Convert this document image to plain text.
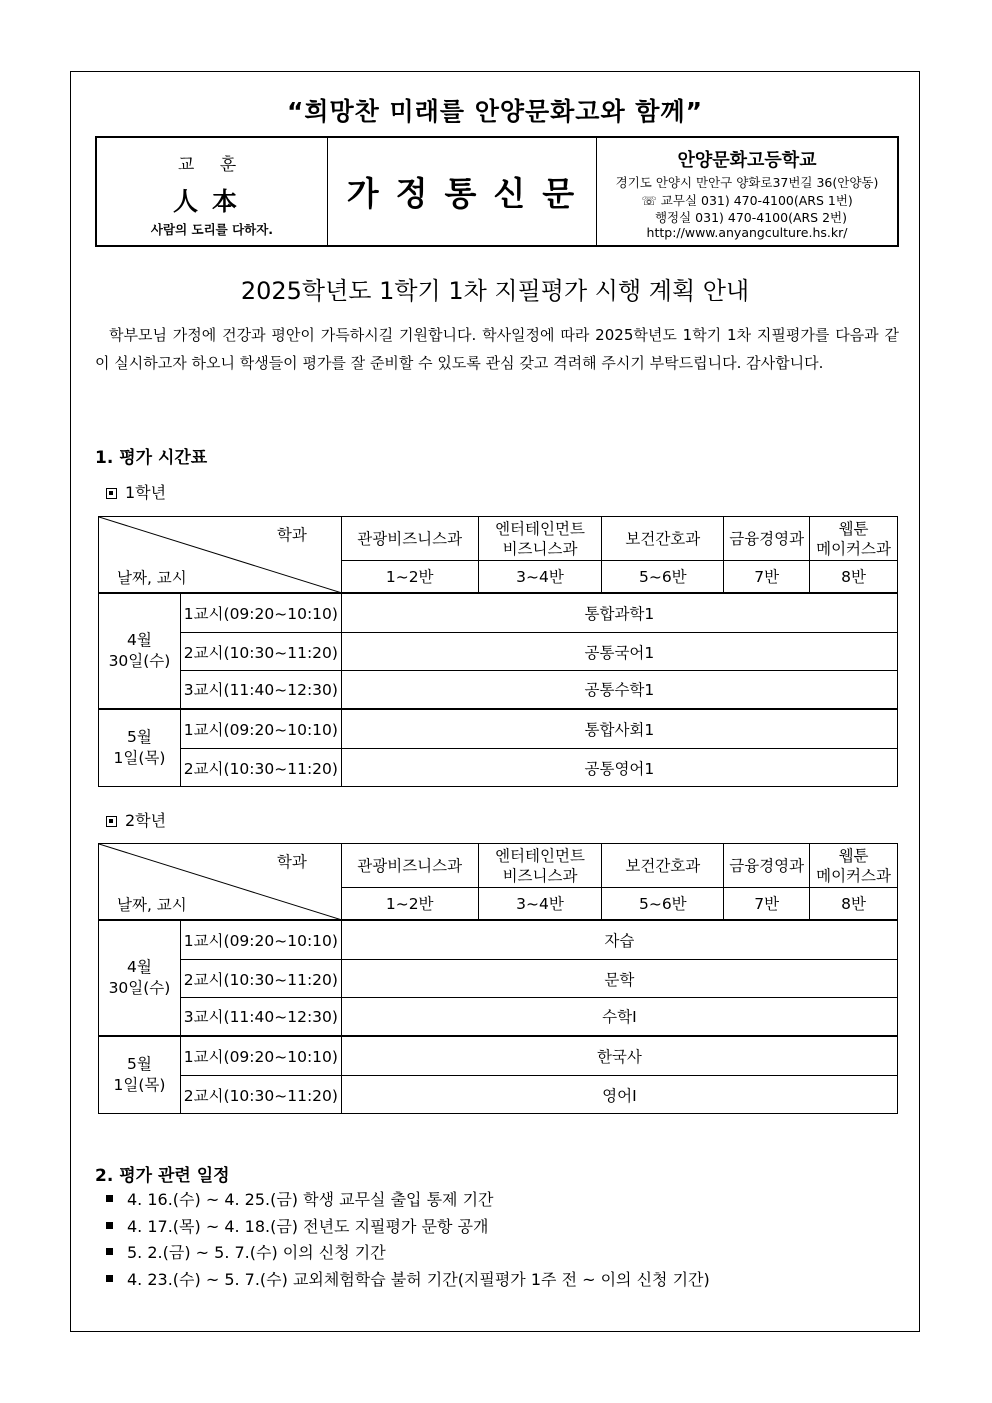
“희망찬 미래를 안양문화고와 함께”
교 훈
人本
사람의 도리를 다하자.
가정통신문
안양문화고등학교
경기도 안양시 만안구 양화로37번길 36(안양동)
☏ 교무실 031) 470-4100(ARS 1번)
행정실 031) 470-4100(ARS 2번)
http://www.anyangculture.hs.kr/
2025학년도 1학기 1차 지필평가 시행 계획 안내

학부모님 가정에 건강과 평안이 가득하시길 기원합니다. 학사일정에 따라 2025학년도 1학기 1차 지필평가를 다음과 같이 실시하고자 하오니 학생들이 평가를 잘 준비할 수 있도록 관심 갖고 격려해 주시기 부탁드립니다. 감사합니다.

1. 평가 시간표
1학년
학과
날짜, 교시		관광비즈니스과	엔터테인먼트
비즈니스과	보건간호과	금융경영과	웹툰
메이커스과
		1~2반	3~4반	5~6반	7반	8반
4월
30일(수)	1교시(09:20~10:10)	통합과학1				
	2교시(10:30~11:20)	공통국어1				
	3교시(11:40~12:30)	공통수학1				
5월
1일(목)	1교시(09:20~10:10)	통합사회1				
	2교시(10:30~11:20)	공통영어1				
2학년
학과
날짜, 교시		관광비즈니스과	엔터테인먼트
비즈니스과	보건간호과	금융경영과	웹툰
메이커스과
		1~2반	3~4반	5~6반	7반	8반
4월
30일(수)	1교시(09:20~10:10)	자습				
	2교시(10:30~11:20)	문학				
	3교시(11:40~12:30)	수학Ⅰ				
5월
1일(목)	1교시(09:20~10:10)	한국사				
	2교시(10:30~11:20)	영어Ⅰ				
2. 평가 관련 일정
4. 16.(수) ~ 4. 25.(금) 학생 교무실 출입 통제 기간
4. 17.(목) ~ 4. 18.(금) 전년도 지필평가 문항 공개
5. 2.(금) ~ 5. 7.(수) 이의 신청 기간
4. 23.(수) ~ 5. 7.(수) 교외체험학습 불허 기간(지필평가 1주 전 ~ 이의 신청 기간)
